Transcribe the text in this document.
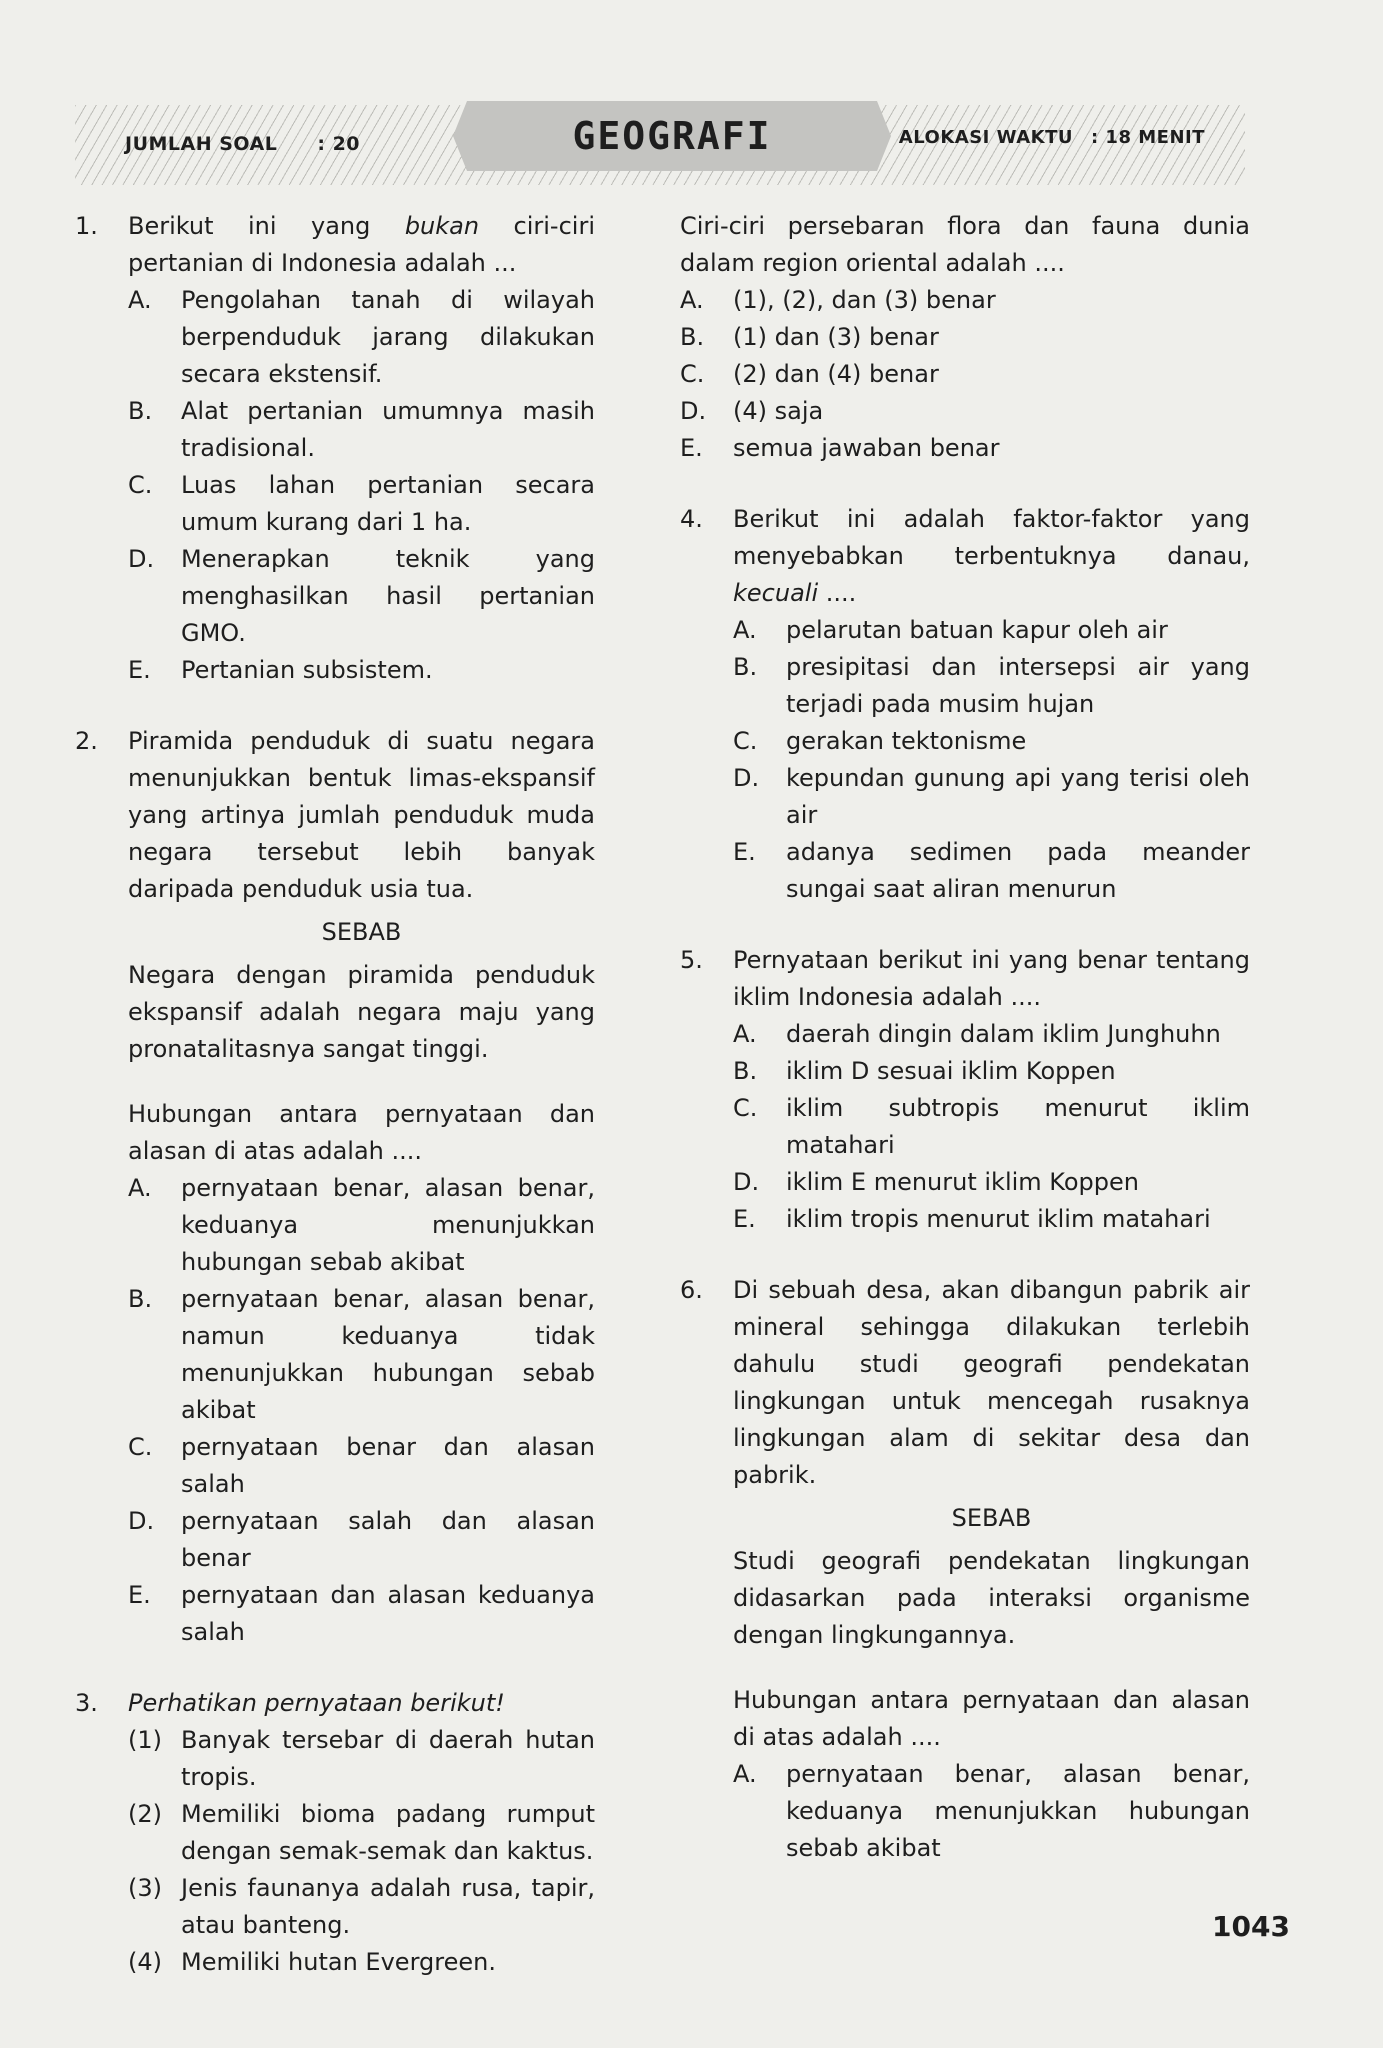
JUMLAH SOAL : 20	GEOGRAFI	ALOKASI WAKTU : 18 MENIT
1. Berikut ini yang bukan ciri-ciri pertanian di Indonesia adalah ...
A. Pengolahan tanah di wilayah berpenduduk jarang dilakukan secara ekstensif.
B. Alat pertanian umumnya masih tradisional.
C. Luas lahan pertanian secara umum kurang dari 1 ha.
D. Menerapkan teknik yang menghasilkan hasil pertanian GMO.
E. Pertanian subsistem.
2. Piramida penduduk di suatu negara menunjukkan bentuk limas-ekspansif yang artinya jumlah penduduk muda negara tersebut lebih banyak daripada penduduk usia tua.
SEBAB
Negara dengan piramida penduduk ekspansif adalah negara maju yang pronatalitasnya sangat tinggi.
Hubungan antara pernyataan dan alasan di atas adalah ....
A. pernyataan benar, alasan benar, keduanya menunjukkan hubungan sebab akibat
B. pernyataan benar, alasan benar, namun keduanya tidak menunjukkan hubungan sebab akibat
C. pernyataan benar dan alasan salah
D. pernyataan salah dan alasan benar
E. pernyataan dan alasan keduanya salah
3. Perhatikan pernyataan berikut!
(1) Banyak tersebar di daerah hutan tropis.
(2) Memiliki bioma padang rumput dengan semak-semak dan kaktus.
(3) Jenis faunanya adalah rusa, tapir, atau banteng.
(4) Memiliki hutan Evergreen.
Ciri-ciri persebaran flora dan fauna dunia dalam region oriental adalah ....
A. (1), (2), dan (3) benar
B. (1) dan (3) benar
C. (2) dan (4) benar
D. (4) saja
E. semua jawaban benar
4. Berikut ini adalah faktor-faktor yang menyebabkan terbentuknya danau, kecuali ....
A. pelarutan batuan kapur oleh air
B. presipitasi dan intersepsi air yang terjadi pada musim hujan
C. gerakan tektonisme
D. kepundan gunung api yang terisi oleh air
E. adanya sedimen pada meander sungai saat aliran menurun
5. Pernyataan berikut ini yang benar tentang iklim Indonesia adalah ....
A. daerah dingin dalam iklim Junghuhn
B. iklim D sesuai iklim Koppen
C. iklim subtropis menurut iklim matahari
D. iklim E menurut iklim Koppen
E. iklim tropis menurut iklim matahari
6. Di sebuah desa, akan dibangun pabrik air mineral sehingga dilakukan terlebih dahulu studi geografi pendekatan lingkungan untuk mencegah rusaknya lingkungan alam di sekitar desa dan pabrik.
SEBAB
Studi geografi pendekatan lingkungan didasarkan pada interaksi organisme dengan lingkungannya.
Hubungan antara pernyataan dan alasan di atas adalah ....
A. pernyataan benar, alasan benar, keduanya menunjukkan hubungan sebab akibat
1043
